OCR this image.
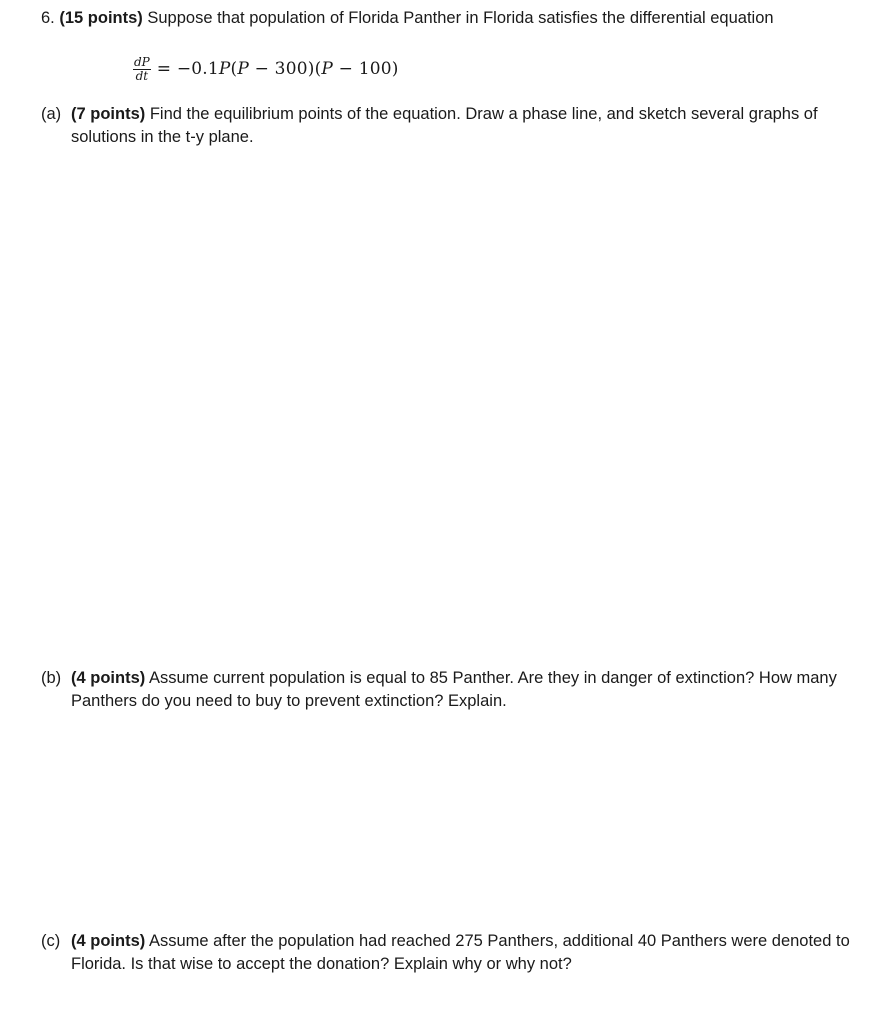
6. (15 points) Suppose that population of Florida Panther in Florida satisfies the differential equation
$\frac{dP}{dt} = -0.1P(P - 300)(P - 100)$
(a) (7 points) Find the equilibrium points of the equation. Draw a phase line, and sketch several graphs of solutions in the t-y plane.
(b) (4 points) Assume current population is equal to 85 Panther. Are they in danger of extinction? How many Panthers do you need to buy to prevent extinction? Explain.
(c) (4 points) Assume after the population had reached 275 Panthers, additional 40 Panthers were denoted to Florida. Is that wise to accept the donation? Explain why or why not?
